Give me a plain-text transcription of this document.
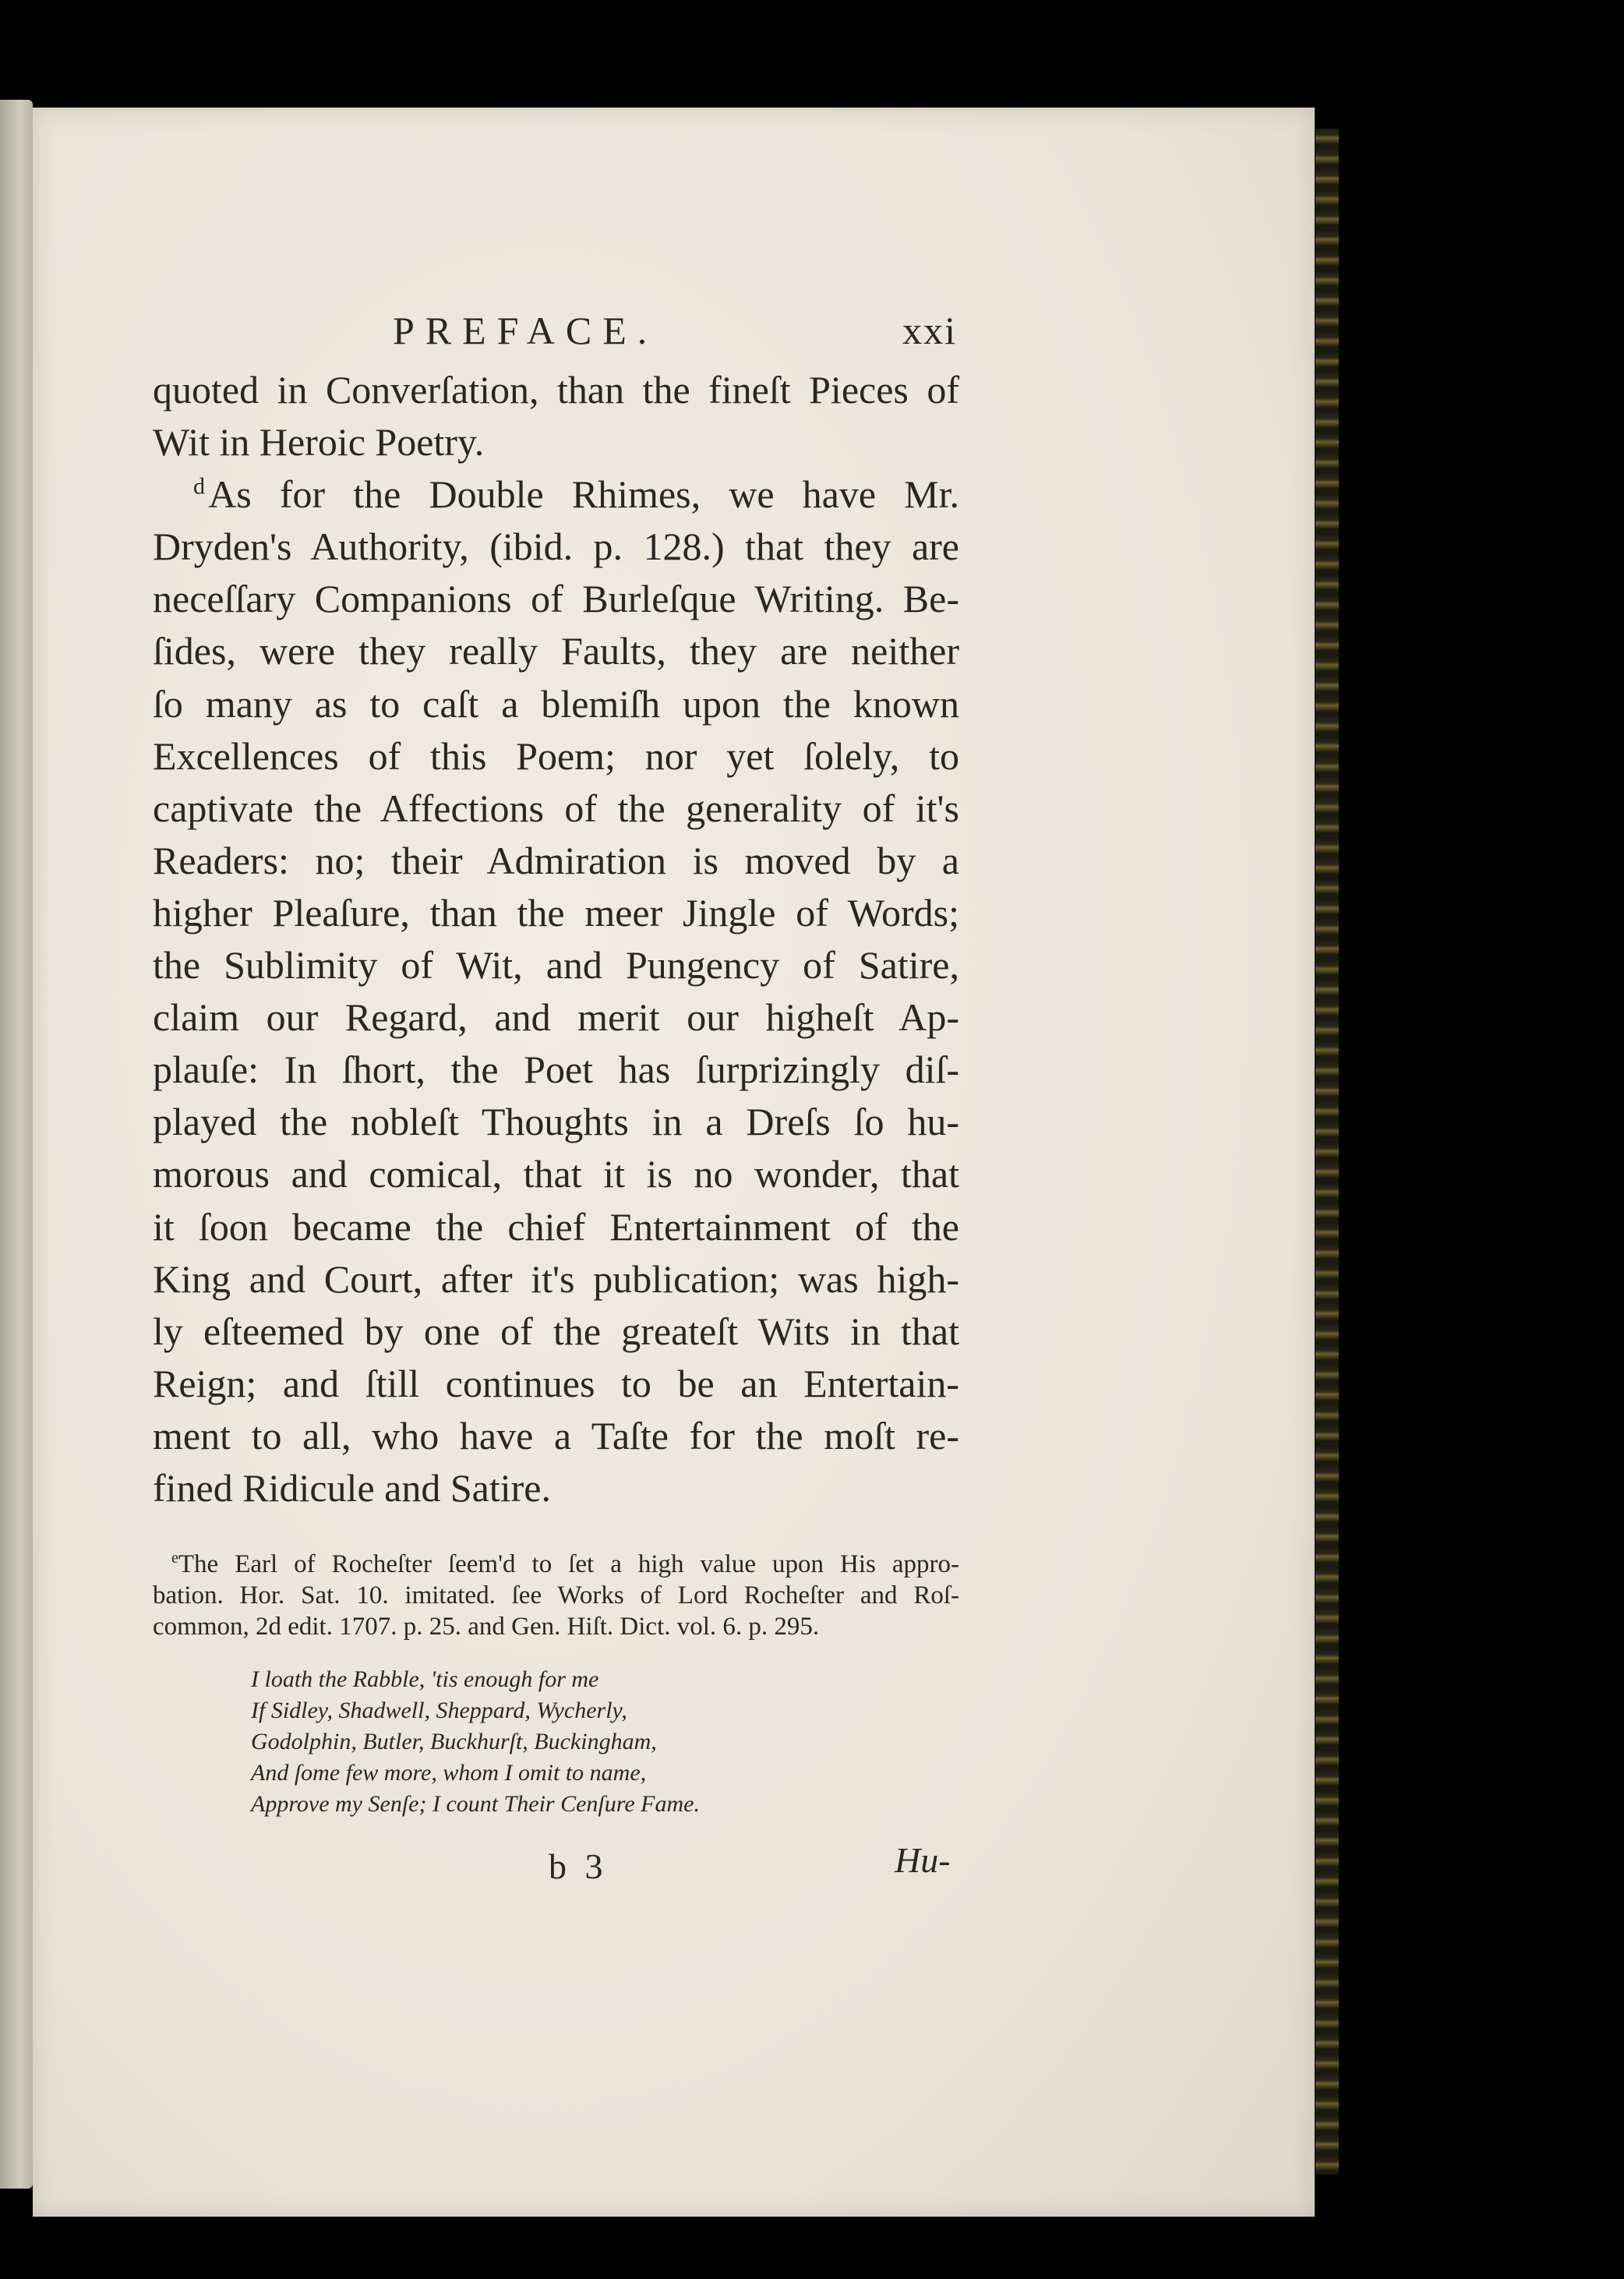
PREFACE.	xxi
quoted in Converſation, than the fineſt Pieces of
Wit in Heroic Poetry.
$^d$ As for the Double Rhimes, we have Mr.
Dryden's Authority, (ibid. p. 128.) that they are
neceſſary Companions of Burleſque Writing. Be-
ſides, were they really Faults, they are neither
ſo many as to caſt a blemiſh upon the known
Excellences of this Poem; nor yet ſolely, to
captivate the Affections of the generality of it's
Readers: no; their Admiration is moved by a
higher Pleaſure, than the meer Jingle of Words;
the Sublimity of Wit, and Pungency of Satire,
claim our Regard, and merit our higheſt Ap-
plauſe: In ſhort, the Poet has ſurprizingly diſ-
played the nobleſt Thoughts in a Dreſs ſo hu-
morous and comical, that it is no wonder, that
it ſoon became the chief Entertainment of the
King and Court, after it's publication; was high-
ly eſteemed by one of the greateſt Wits in that
Reign; and ſtill continues to be an Entertain-
ment to all, who have a Taſte for the moſt re-
fined Ridicule and Satire.
$^e$The Earl of Rocheſter ſeem'd to ſet a high value upon His appro-
bation. Hor. Sat. 10. imitated. ſee Works of Lord Rocheſter and Roſ-
common, 2d edit. 1707. p. 25. and Gen. Hiſt. Dict. vol. 6. p. 295.
I loath the Rabble, 'tis enough for me
If Sidley, Shadwell, Sheppard, Wycherly,
Godolphin, Butler, Buckhurſt, Buckingham,
And ſome few more, whom I omit to name,
Approve my Senſe; I count Their Cenſure Fame.
b 3	Hu-
